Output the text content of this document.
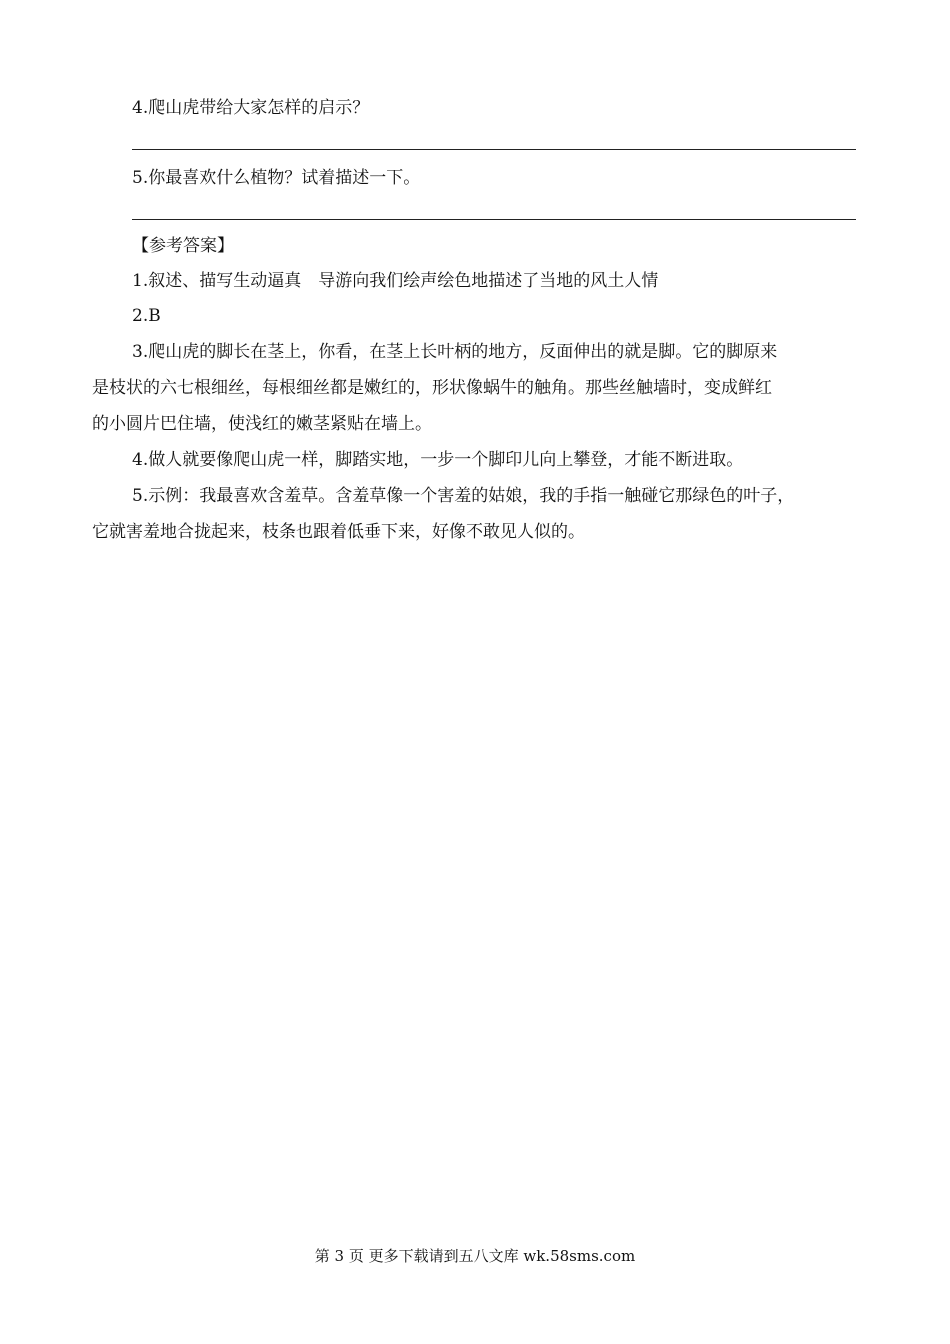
4.爬山虎带给大家怎样的启示？
5.你最喜欢什么植物？试着描述一下。
【参考答案】
1.叙述、描写生动逼真　导游向我们绘声绘色地描述了当地的风土人情
2.B
3.爬山虎的脚长在茎上，你看，在茎上长叶柄的地方，反面伸出的就是脚。它的脚原来
是枝状的六七根细丝，每根细丝都是嫩红的，形状像蜗牛的触角。那些丝触墙时，变成鲜红
的小圆片巴住墙，使浅红的嫩茎紧贴在墙上。
4.做人就要像爬山虎一样，脚踏实地，一步一个脚印儿向上攀登，才能不断进取。
5.示例：我最喜欢含羞草。含羞草像一个害羞的姑娘，我的手指一触碰它那绿色的叶子，
它就害羞地合拢起来，枝条也跟着低垂下来，好像不敢见人似的。
第 3 页 更多下载请到五八文库 wk.58sms.com
